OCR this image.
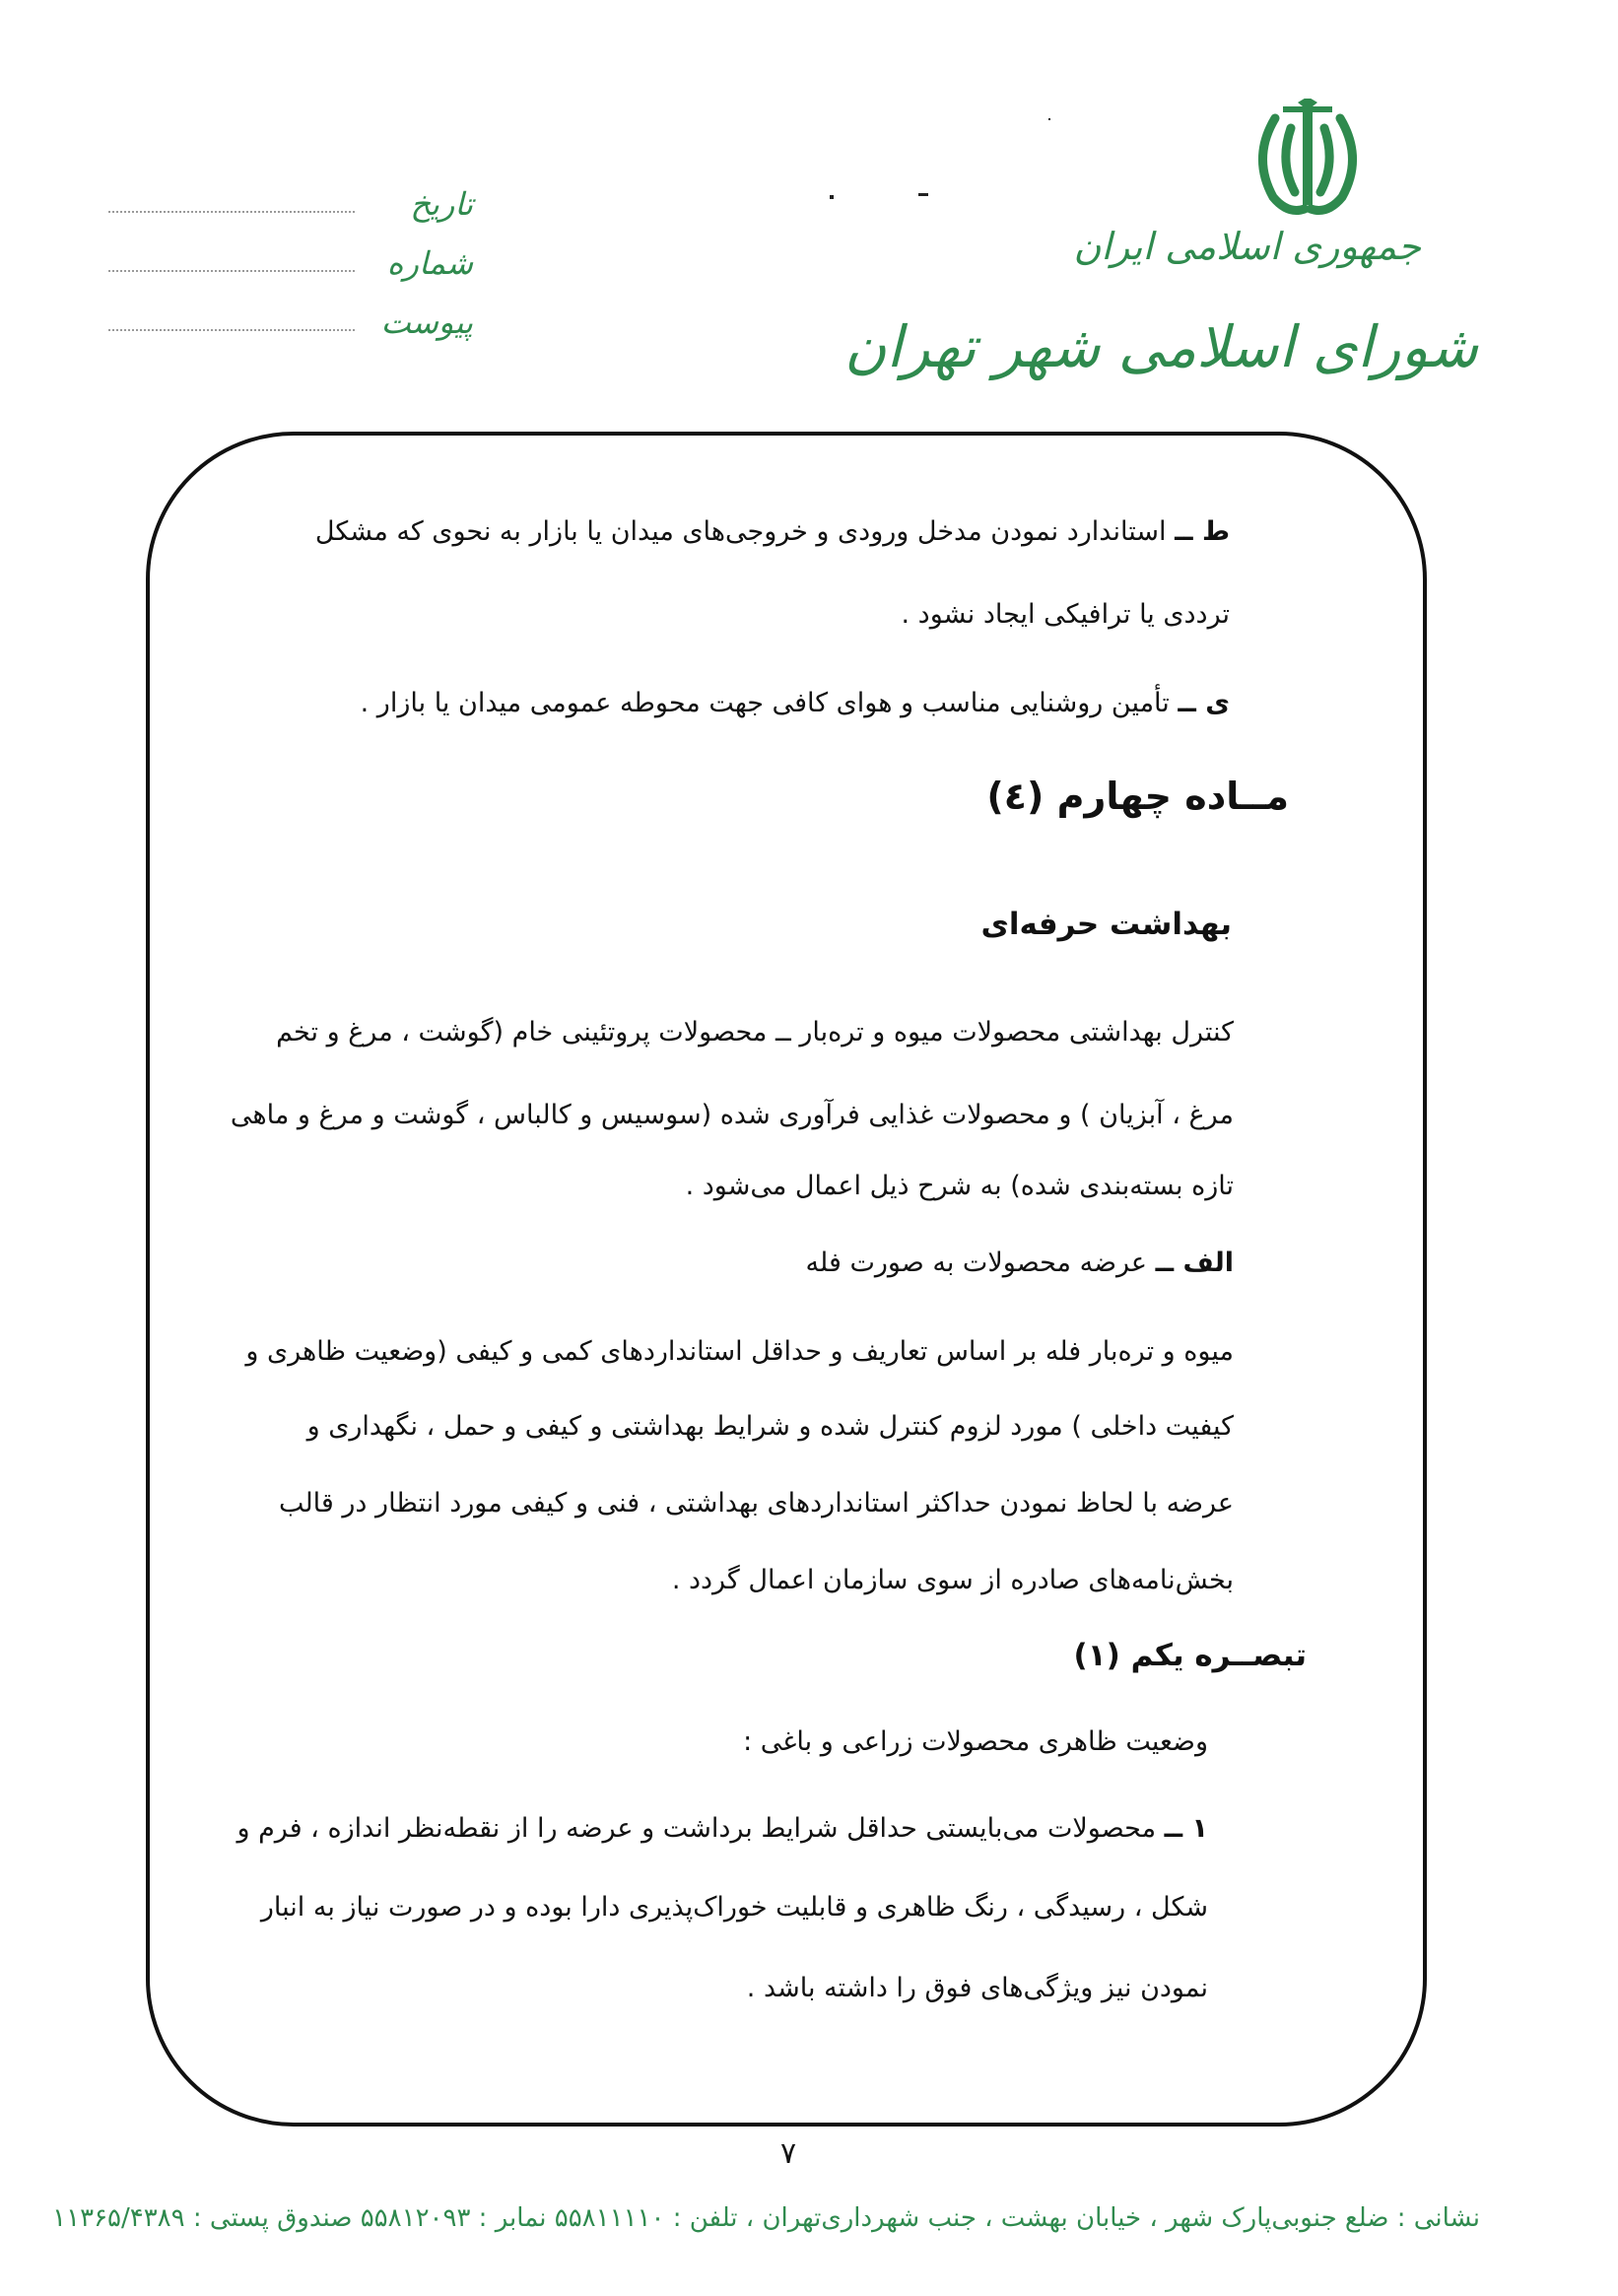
جمهوری اسلامی ایران
شورای اسلامی شهر تهران
تاریخ
شماره
پیوست
ط ــ استاندارد نمودن مدخل ورودی و خروجی‌های میدان یا بازار به نحوی که مشکل
ترددی یا ترافیکی ایجاد نشود .
ی ــ تأمین روشنایی مناسب و هوای کافی جهت محوطه عمومی میدان یا بازار .
مــاده چهارم (٤)
بهداشت حرفه‌ای
کنترل بهداشتی محصولات میوه و تره‌بار ــ محصولات پروتئینی خام (گوشت ، مرغ و تخم
مرغ ، آبزیان ) و محصولات غذایی فرآوری شده (سوسیس و کالباس ، گوشت و مرغ و ماهی
تازه بسته‌بندی شده) به شرح ذیل اعمال می‌شود .
الف ــ عرضه محصولات به صورت فله
میوه و تره‌بار فله بر اساس تعاریف و حداقل استانداردهای کمی و کیفی (وضعیت ظاهری و
کیفیت داخلی ) مورد لزوم کنترل شده و شرایط بهداشتی و کیفی و حمل ، نگهداری و
عرضه با لحاظ نمودن حداکثر استانداردهای بهداشتی ، فنی و کیفی مورد انتظار در قالب
بخش‌نامه‌های صادره از سوی سازمان اعمال گردد .
تبصــره یکم (۱)
وضعیت ظاهری محصولات زراعی و باغی :
۱ ــ محصولات می‌بایستی حداقل شرایط برداشت و عرضه را از نقطه‌نظر اندازه ، فرم و
شکل ، رسیدگی ، رنگ ظاهری و قابلیت خوراک‌پذیری دارا بوده و در صورت نیاز به انبار
نمودن نیز ویژگی‌های فوق را داشته باشد .
۷
نشانی : ضلع جنوبی‌پارک شهر ، خیابان بهشت ، جنب شهرداری‌تهران ، تلفن : ۵۵۸۱۱۱۱۰ نمابر : ۵۵۸۱۲۰۹۳ صندوق پستی : ۱۱۳۶۵/۴۳۸۹
